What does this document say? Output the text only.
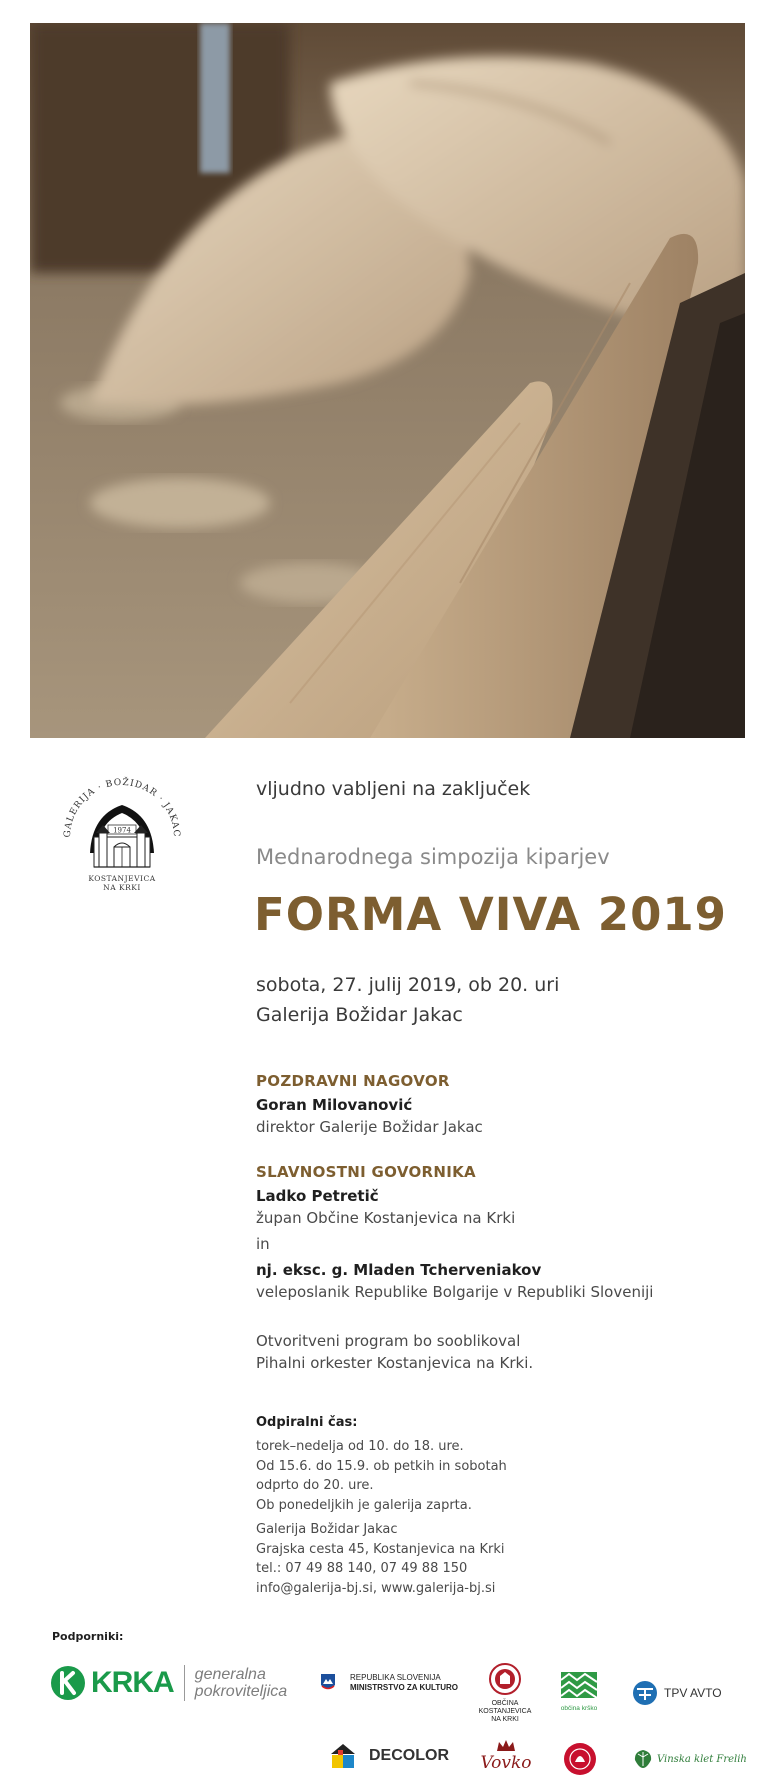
GALERIJA · BOŽIDAR · JAKAC
1974
KOSTANJEVICA
NA KRKI
vljudno vabljeni na zaključek
Mednarodnega simpozija kiparjev
FORMA VIVA 2019
sobota, 27. julij 2019, ob 20. uri
Galerija Božidar Jakac
POZDRAVNI NAGOVOR
Goran Milovanović
direktor Galerije Božidar Jakac
SLAVNOSTNI GOVORNIKA
Ladko Petretič
župan Občine Kostanjevica na Krki
in
nj. eksc. g. Mladen Tcherveniakov
veleposlanik Republike Bolgarije v Republiki Sloveniji
Otvoritveni program bo sooblikoval
Pihalni orkester Kostanjevica na Krki.
Odpiralni čas:
torek–nedelja od 10. do 18. ure.
Od 15.6. do 15.9. ob petkih in sobotah
odprto do 20. ure.
Ob ponedeljkih je galerija zaprta.
Galerija Božidar Jakac
Grajska cesta 45, Kostanjevica na Krki
tel.: 07 49 88 140, 07 49 88 150
info@galerija-bj.si, www.galerija-bj.si
Podporniki:
KRKA generalna
pokroviteljica
REPUBLIKA SLOVENIJA
MINISTRSTVO ZA KULTURO
OBČINA
KOSTANJEVICA
NA KRKI
občina krško
TPV AVTO
DECOLOR Vovko	Vinska klet Frelih
